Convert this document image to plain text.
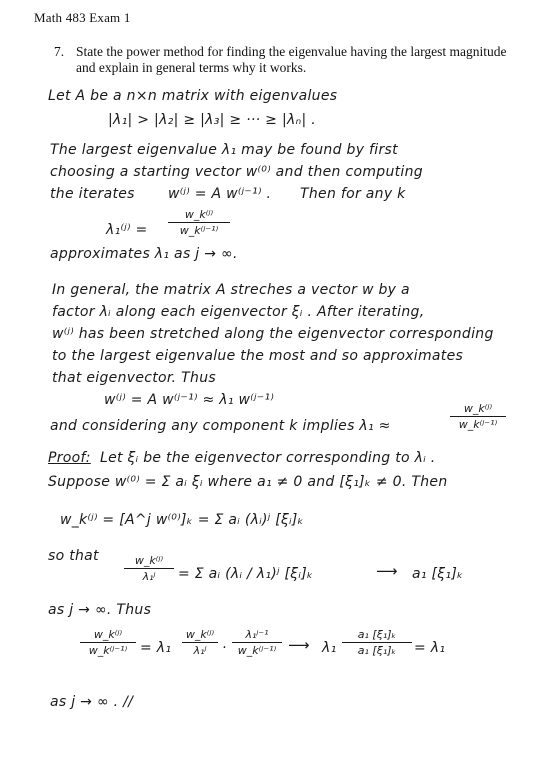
Math 483 Exam 1
7. State the power method for finding the eigenvalue having the largest magnitude and explain in general terms why it works.
Let A be a n×n matrix with eigenvalues
|λ₁| > |λ₂| ≥ |λ₃| ≥ ··· ≥ |λₙ| .
The largest eigenvalue λ₁ may be found by first
choosing a starting vector w⁽⁰⁾ and then computing
the iterates w⁽ʲ⁾ = A w⁽ʲ⁻¹⁾ . Then for any k
λ₁⁽ʲ⁾ =
w_k⁽ʲ⁾
w_k⁽ʲ⁻¹⁾
approximates λ₁ as j → ∞.
In general, the matrix A streches a vector w by a
factor λᵢ along each eigenvector ξᵢ . After iterating,
w⁽ʲ⁾ has been stretched along the eigenvector corresponding
to the largest eigenvalue the most and so approximates
that eigenvector. Thus
w⁽ʲ⁾ = A w⁽ʲ⁻¹⁾ ≈ λ₁ w⁽ʲ⁻¹⁾
and considering any component k implies λ₁ ≈
w_k⁽ʲ⁾
w_k⁽ʲ⁻¹⁾
Proof: Let ξᵢ be the eigenvector corresponding to λᵢ .
Suppose w⁽⁰⁾ = Σ aᵢ ξᵢ where a₁ ≠ 0 and [ξ₁]ₖ ≠ 0. Then
w_k⁽ʲ⁾ = [A^j w⁽⁰⁾]ₖ = Σ aᵢ (λᵢ)ʲ [ξᵢ]ₖ
so that	w_k⁽ʲ⁾
λ₁ʲ	= Σ aᵢ (λᵢ / λ₁)ʲ [ξᵢ]ₖ	⟶ a₁ [ξ₁]ₖ
as j → ∞. Thus
w_k⁽ʲ⁾
w_k⁽ʲ⁻¹⁾ = λ₁
w_k⁽ʲ⁾
λ₁ʲ	·
λ₁ʲ⁻¹
w_k⁽ʲ⁻¹⁾ ⟶ λ₁
a₁ [ξ₁]ₖ
a₁ [ξ₁]ₖ	= λ₁
as j → ∞ . //
